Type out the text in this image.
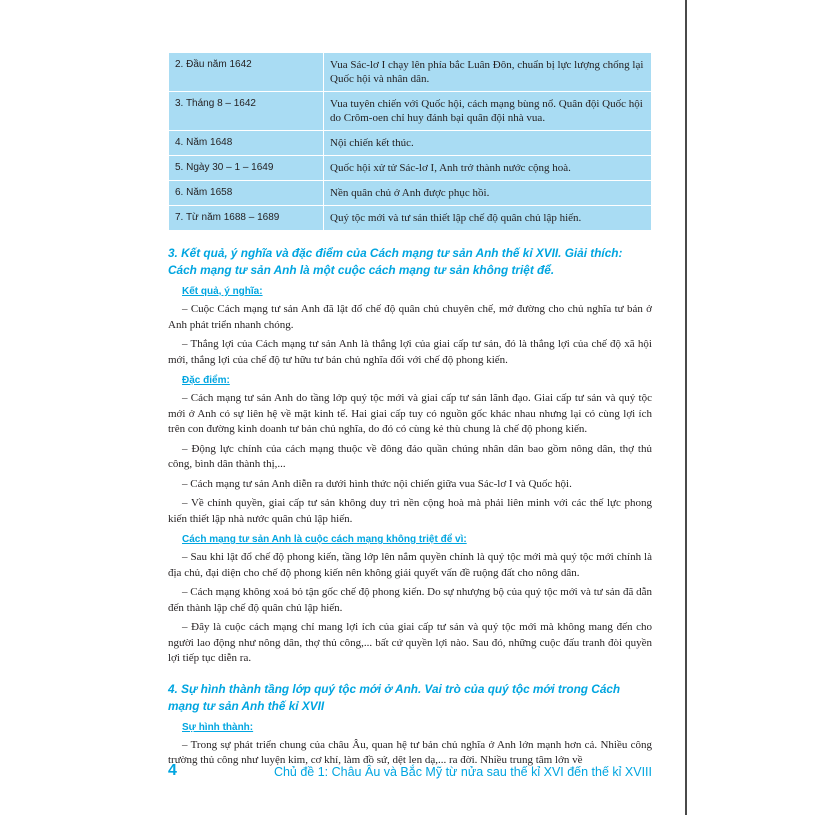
2. Đầu năm 1642	Vua Sác-lơ I chạy lên phía bắc Luân Đôn, chuẩn bị lực lượng chống lại Quốc hội và nhân dân.
3. Tháng 8 – 1642	Vua tuyên chiến với Quốc hội, cách mạng bùng nổ. Quân đội Quốc hội do Crôm-oen chỉ huy đánh bại quân đội nhà vua.
4. Năm 1648	Nội chiến kết thúc.
5. Ngày 30 – 1 – 1649	Quốc hội xử tử Sác-lơ I, Anh trở thành nước cộng hoà.
6. Năm 1658	Nền quân chủ ở Anh được phục hồi.
7. Từ năm 1688 – 1689	Quý tộc mới và tư sản thiết lập chế độ quân chủ lập hiến.
3. Kết quả, ý nghĩa và đặc điểm của Cách mạng tư sản Anh thế kỉ XVII. Giải thích: Cách mạng tư sản Anh là một cuộc cách mạng tư sản không triệt để.
Kết quả, ý nghĩa:

– Cuộc Cách mạng tư sản Anh đã lật đổ chế độ quân chủ chuyên chế, mở đường cho chủ nghĩa tư bản ở Anh phát triển nhanh chóng.

– Thắng lợi của Cách mạng tư sản Anh là thắng lợi của giai cấp tư sản, đó là thắng lợi của chế độ xã hội mới, thắng lợi của chế độ tư hữu tư bản chủ nghĩa đối với chế độ phong kiến.

Đặc điểm:

– Cách mạng tư sản Anh do tầng lớp quý tộc mới và giai cấp tư sản lãnh đạo. Giai cấp tư sản và quý tộc mới ở Anh có sự liên hệ về mặt kinh tế. Hai giai cấp tuy có nguồn gốc khác nhau nhưng lại có cùng lợi ích trên con đường kinh doanh tư bản chủ nghĩa, do đó có cùng kẻ thù chung là chế độ phong kiến.

– Động lực chính của cách mạng thuộc về đông đảo quần chúng nhân dân bao gồm nông dân, thợ thủ công, bình dân thành thị,...

– Cách mạng tư sản Anh diễn ra dưới hình thức nội chiến giữa vua Sác-lơ I và Quốc hội.

– Về chính quyền, giai cấp tư sản không duy trì nền cộng hoà mà phải liên minh với các thế lực phong kiến thiết lập nhà nước quân chủ lập hiến.

Cách mạng tư sản Anh là cuộc cách mạng không triệt để vì:

– Sau khi lật đổ chế độ phong kiến, tầng lớp lên nắm quyền chính là quý tộc mới mà quý tộc mới chính là địa chủ, đại diện cho chế độ phong kiến nên không giải quyết vấn đề ruộng đất cho nông dân.

– Cách mạng không xoá bỏ tận gốc chế độ phong kiến. Do sự nhượng bộ của quý tộc mới và tư sản đã dẫn đến thành lập chế độ quân chủ lập hiến.

– Đây là cuộc cách mạng chỉ mang lợi ích của giai cấp tư sản và quý tộc mới mà không mang đến cho người lao động như nông dân, thợ thủ công,... bất cứ quyền lợi nào. Sau đó, những cuộc đấu tranh đòi quyền lợi tiếp tục diễn ra.

4. Sự hình thành tầng lớp quý tộc mới ở Anh. Vai trò của quý tộc mới trong Cách mạng tư sản Anh thế kỉ XVII
Sự hình thành:

– Trong sự phát triển chung của châu Âu, quan hệ tư bản chủ nghĩa ở Anh lớn mạnh hơn cả. Nhiều công trường thủ công như luyện kim, cơ khí, làm đồ sứ, dệt len dạ,... ra đời. Nhiều trung tâm lớn về

4	Chủ đề 1: Châu Âu và Bắc Mỹ từ nửa sau thế kỉ XVI đến thế kỉ XVIII
